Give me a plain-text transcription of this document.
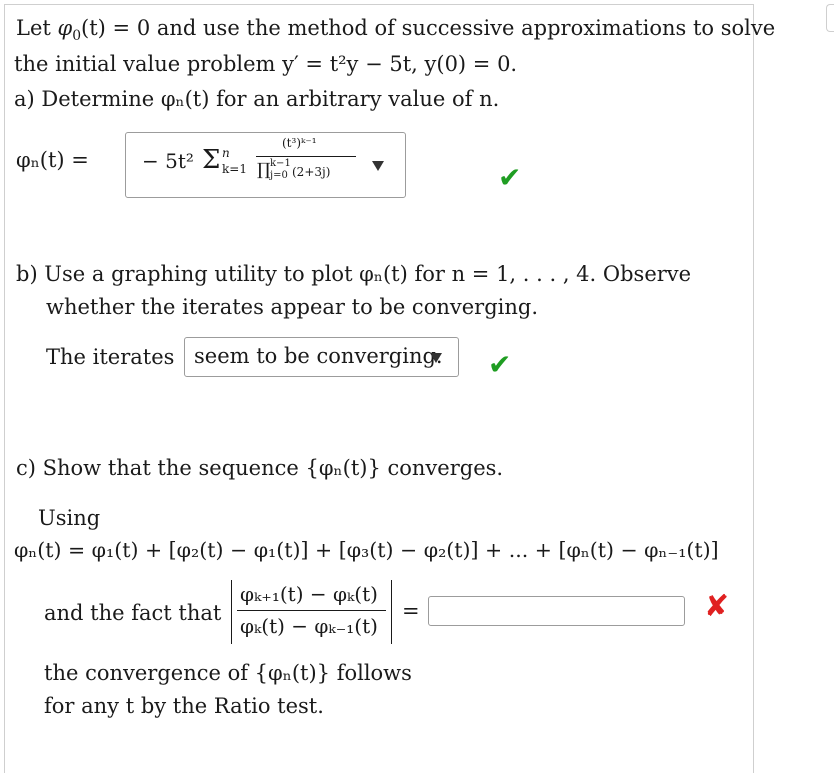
Let $\varphi_0(t) = 0$ and use the method of successive approximations to solve
the initial value problem y′ = t²y − 5t, y(0) = 0.
a) Determine φₙ(t) for an arbitrary value of n.
φₙ(t) =	− 5t² Σ n
k=1
(t³)ᵏ⁻¹
∏ k−1
j=0 (2+3j)	✔
b) Use a graphing utility to plot φₙ(t) for n = 1, . . . , 4. Observe
whether the iterates appear to be converging.
The iterates seem to be converging. ✔
c) Show that the sequence {φₙ(t)} converges.
Using
φₙ(t) = φ₁(t) + [φ₂(t) − φ₁(t)] + [φ₃(t) − φ₂(t)] + ... + [φₙ(t) − φₙ₋₁(t)]
and the fact that
φₖ₊₁(t) − φₖ(t)
φₖ(t) − φₖ₋₁(t)
=	✘
the convergence of {φₙ(t)} follows
for any t by the Ratio test.
